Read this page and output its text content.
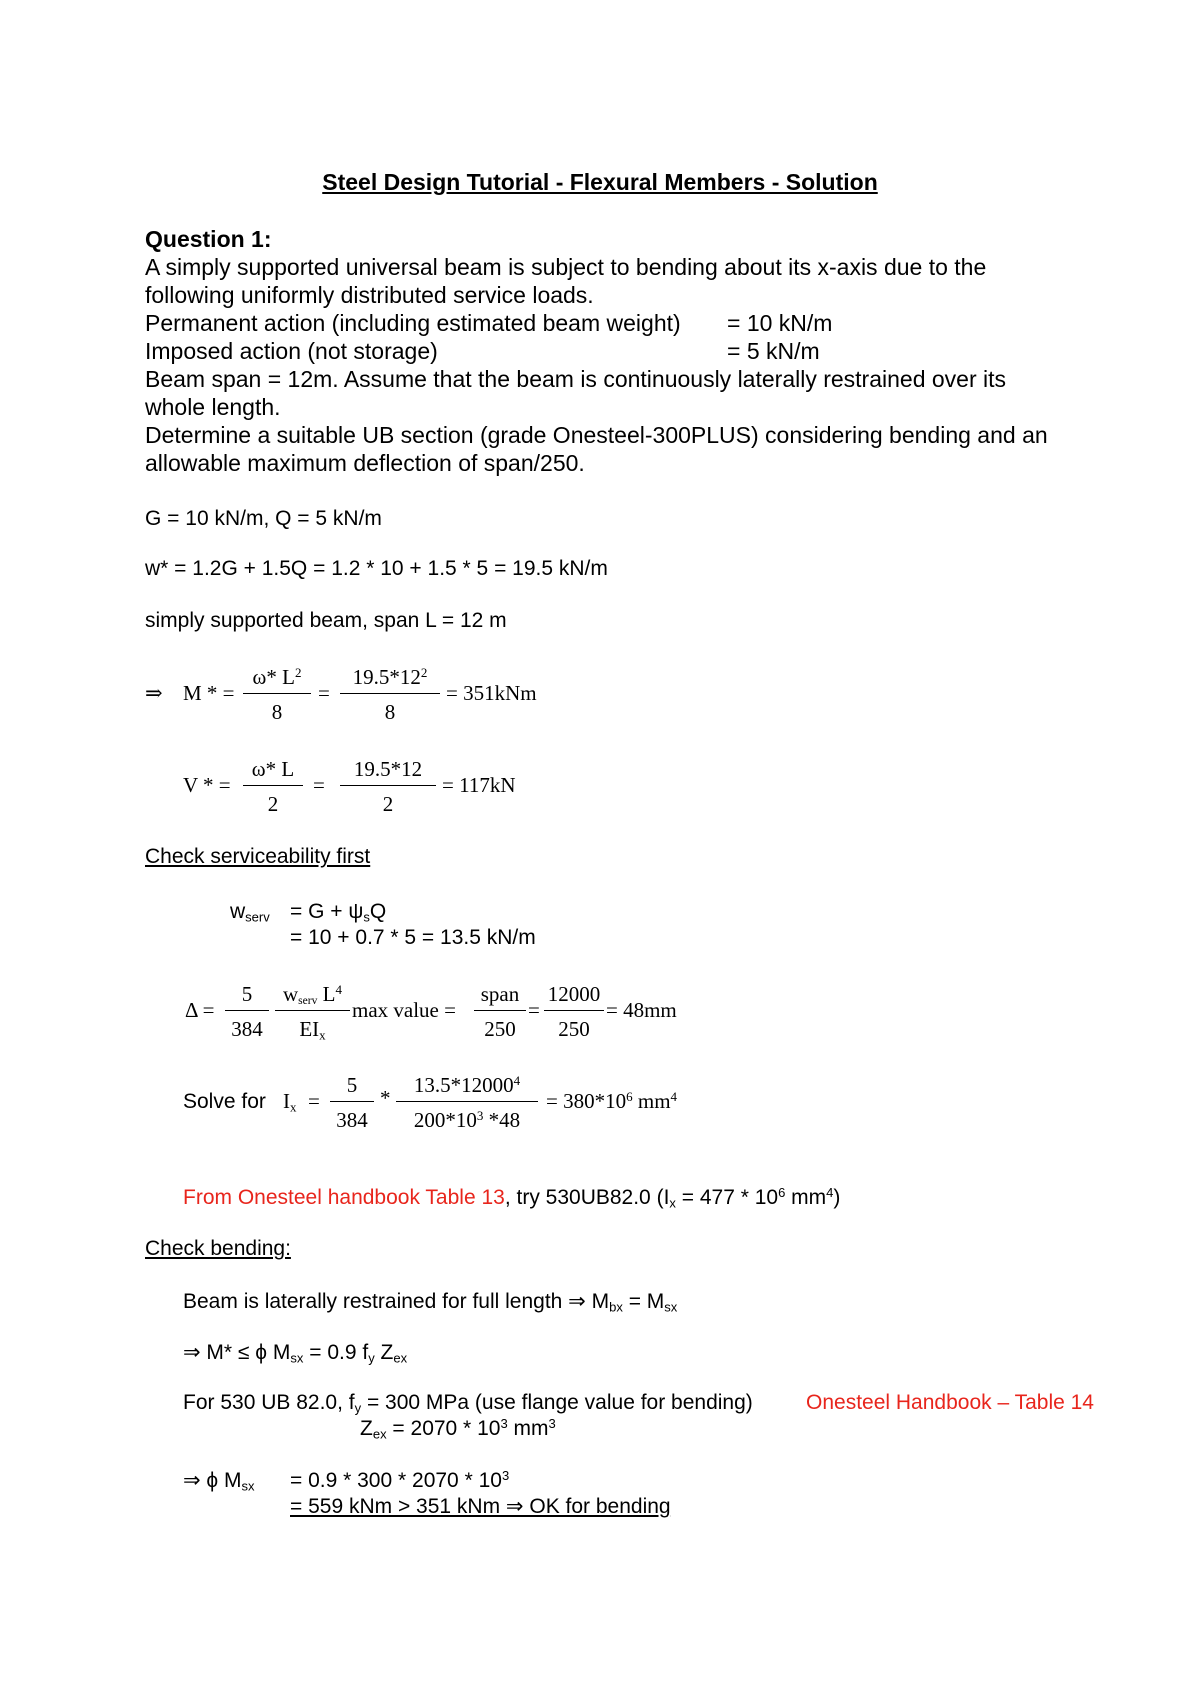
Steel Design Tutorial - Flexural Members - Solution
Question 1:
A simply supported universal beam is subject to bending about its x-axis due to the
following uniformly distributed service loads.
Permanent action (including estimated beam weight) = 10 kN/m
Imposed action (not storage)	= 5 kN/m
Beam span = 12m. Assume that the beam is continuously laterally restrained over its
whole length.
Determine a suitable UB section (grade Onesteel-300PLUS) considering bending and an
allowable maximum deflection of span/250.
G = 10 kN/m, Q = 5 kN/m
w* = 1.2G + 1.5Q = 1.2 * 10 + 1.5 * 5 = 19.5 kN/m
simply supported beam, span L = 12 m
⇒ M * =
ω* $L^2$
8
=
$19.5*12^2$
8
= 351kNm
V * =
ω* L
2
=
19.5*12
2
= 117kN
Check serviceability first
$w_{serv} = G + \psi_sQ$
= 10 + 0.7 * 5 = 13.5 kN/m
Δ =
5
384
$w_{serv}$ $L^4$
$EI_x$
max value =
span
250
=
12000
250
= 48mm
Solve for $I_x$ =
5
384
*
13.5*12000$^4$
$200*10^3$ *48
= $380*10^6$ $mm^4$
From Onesteel handbook Table 13, try 530UB82.0 ($I_x = 477 * 10^6$ $mm^4$)
Check bending:
Beam is laterally restrained for full length ⇒ $M_{bx} = M_{sx}$
⇒ M* ≤ ϕ $M_{sx} = 0.9$ $f_y$ $Z_{ex}$
For 530 UB 82.0, $f_y = 300$ MPa (use flange value for bending)	Onesteel Handbook – Table 14
$Z_{ex} = 2070 * 10^3$ $mm^3$
⇒ ϕ $M_{sx} = 0.9 * 300 * 2070 * 10^3$
= 559 kNm > 351 kNm ⇒ OK for bending
